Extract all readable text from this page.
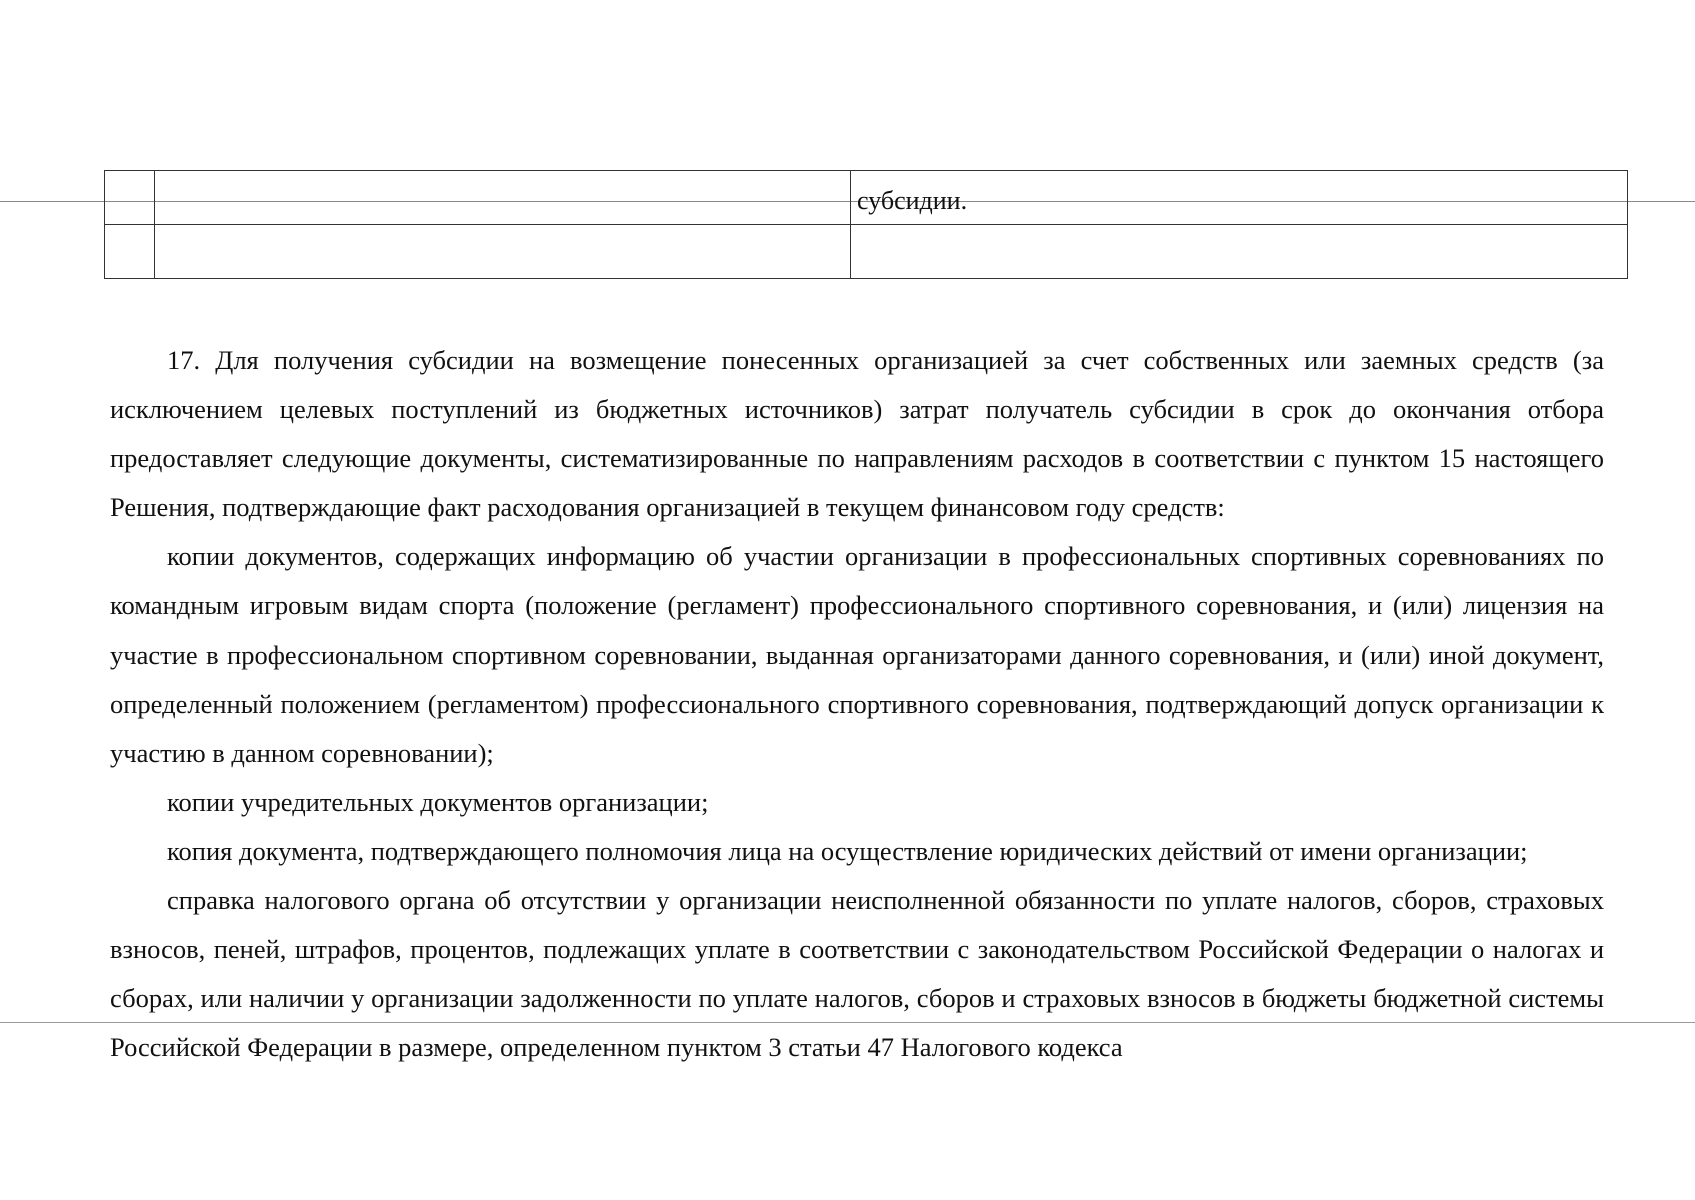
		субсидии.

17. Для получения субсидии на возмещение понесенных организацией за счет собственных или заемных средств (за исключением целевых поступлений из бюджетных источников) затрат получатель субсидии в срок до окончания отбора предоставляет следующие документы, систематизированные по направлениям расходов в соответствии с пунктом 15 настоящего Решения, подтверждающие факт расходования организацией в текущем финансовом году средств:

копии документов, содержащих информацию об участии организации в профессиональных спортивных соревнованиях по командным игровым видам спорта (положение (регламент) профессионального спортивного соревнования, и (или) лицензия на участие в профессиональном спортивном соревновании, выданная организаторами данного соревнования, и (или) иной документ, определенный положением (регламентом) профессионального спортивного соревнования, подтверждающий допуск организации к участию в данном соревновании);

копии учредительных документов организации;

копия документа, подтверждающего полномочия лица на осуществление юридических действий от имени организации;

справка налогового органа об отсутствии у организации неисполненной обязанности по уплате налогов, сборов, страховых взносов, пеней, штрафов, процентов, подлежащих уплате в соответствии с законодательством Российской Федерации о налогах и сборах, или наличии у организации задолженности по уплате налогов, сборов и страховых взносов в бюджеты бюджетной системы Российской Федерации в размере, определенном пунктом 3 статьи 47 Налогового кодекса
